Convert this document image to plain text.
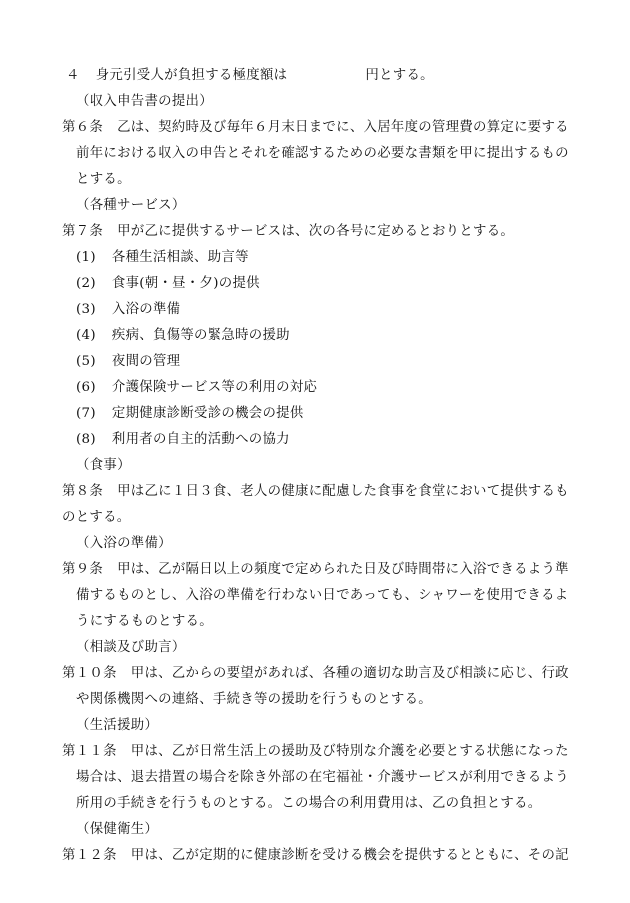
４ 身元引受人が負担する極度額は	円とする。
（収入申告書の提出）
第６条 乙は、契約時及び毎年６月末日までに、入居年度の管理費の算定に要する
前年における収入の申告とそれを確認するための必要な書類を甲に提出するもの
とする。
（各種サービス）
第７条 甲が乙に提供するサービスは、次の各号に定めるとおりとする。
(1) 各種生活相談、助言等
(2) 食事(朝・昼・夕)の提供
(3) 入浴の準備
(4) 疾病、負傷等の緊急時の援助
(5) 夜間の管理
(6) 介護保険サービス等の利用の対応
(7) 定期健康診断受診の機会の提供
(8) 利用者の自主的活動への協力
（食事）
第８条 甲は乙に１日３食、老人の健康に配慮した食事を食堂において提供するも
のとする。
（入浴の準備）
第９条 甲は、乙が隔日以上の頻度で定められた日及び時間帯に入浴できるよう準
備するものとし、入浴の準備を行わない日であっても、シャワーを使用できるよ
うにするものとする。
（相談及び助言）
第１０条 甲は、乙からの要望があれば、各種の適切な助言及び相談に応じ、行政
や関係機関への連絡、手続き等の援助を行うものとする。
（生活援助）
第１１条 甲は、乙が日常生活上の援助及び特別な介護を必要とする状態になった
場合は、退去措置の場合を除き外部の在宅福祉・介護サービスが利用できるよう
所用の手続きを行うものとする。この場合の利用費用は、乙の負担とする。
（保健衛生）
第１２条 甲は、乙が定期的に健康診断を受ける機会を提供するとともに、その記
